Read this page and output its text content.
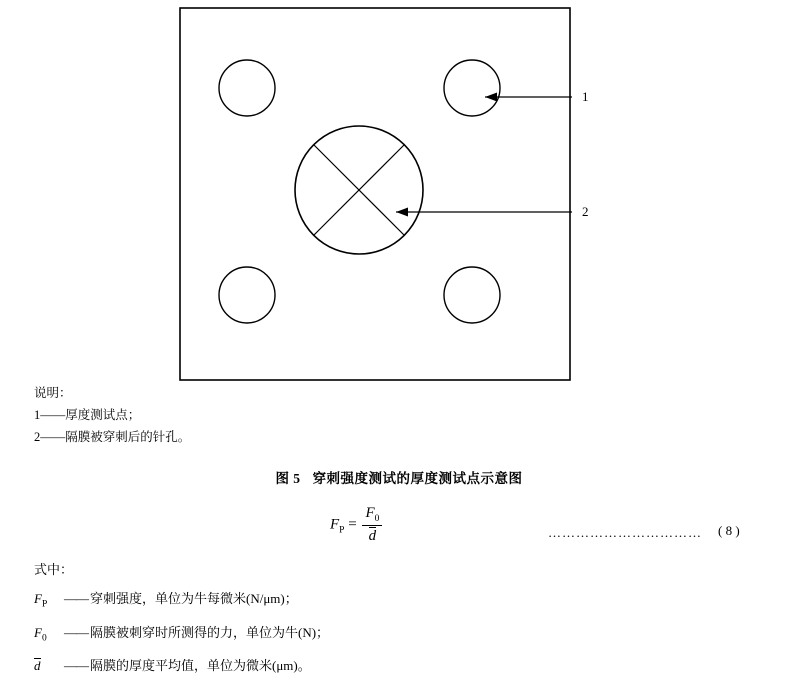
1
2
说明：
1——厚度测试点；
2——隔膜被穿刺后的针孔。
图 5 穿刺强度测试的厚度测试点示意图
$F_P = \frac{F_0}{d}$	…………………………… ( 8 )
式中：
$F_P$ —— 穿刺强度，单位为牛每微米(N/μm)；
$F_0$ —— 隔膜被刺穿时所测得的力，单位为牛(N)；
d —— 隔膜的厚度平均值，单位为微米(μm)。
